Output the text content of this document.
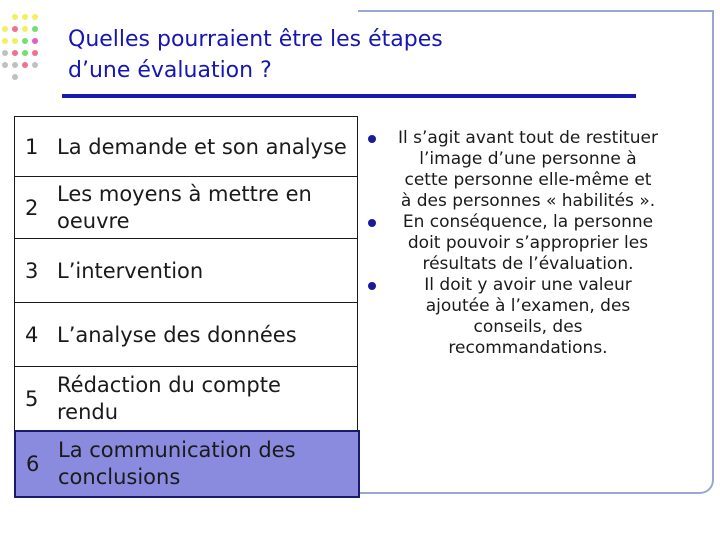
Quelles pourraient être les étapes
d’une évaluation ?
1 La demande et son analyse
2
Les moyens à mettre en oeuvre
3 L’intervention
4 L’analyse des données
5
Rédaction du compte rendu
6
La communication des conclusions
Il s’agit avant tout de restituer l’image d’une personne à cette personne elle-même et à des personnes « habilités ».
En conséquence, la personne doit pouvoir s’approprier les résultats de l’évaluation.
Il doit y avoir une valeur ajoutée à l’examen, des conseils, des recommandations.
